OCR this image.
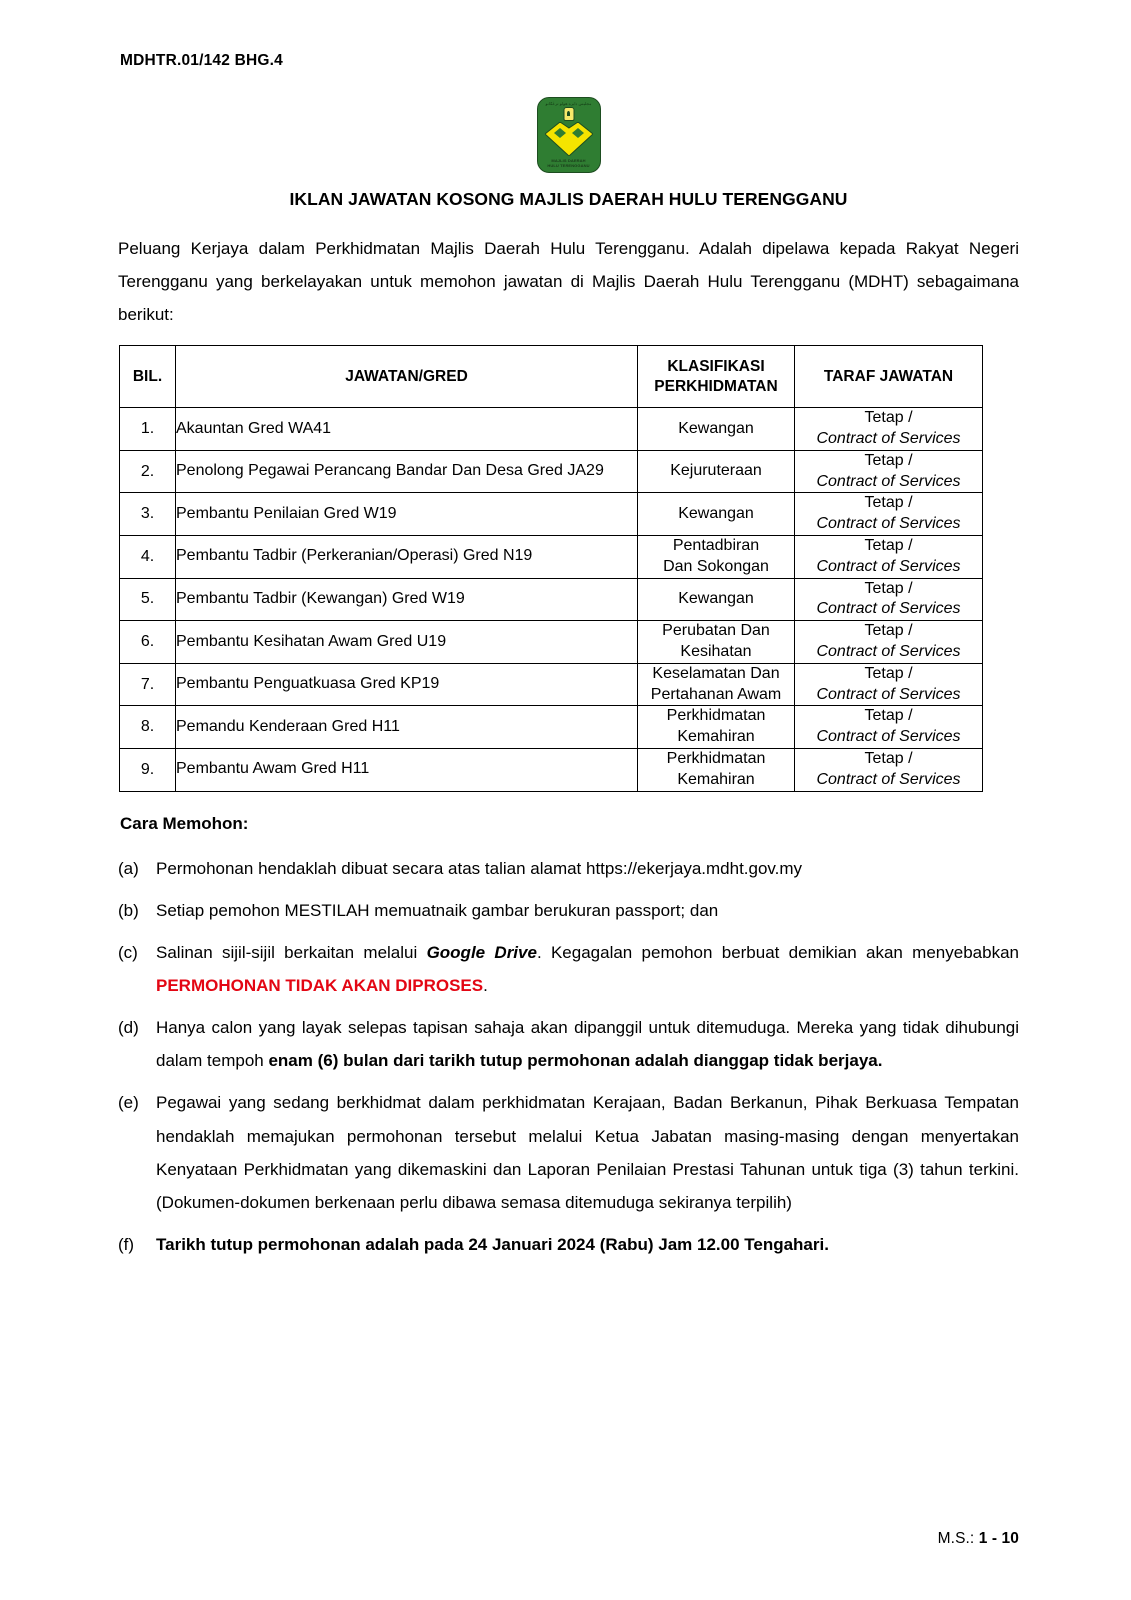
MDHTR.01/142 BHG.4
مجليس دايره هولو ترڠݢانو
MAJLIS DAERAH
HULU TERENGGANU
IKLAN JAWATAN KOSONG MAJLIS DAERAH HULU TERENGGANU

Peluang Kerjaya dalam Perkhidmatan Majlis Daerah Hulu Terengganu. Adalah dipelawa kepada Rakyat Negeri Terengganu yang berkelayakan untuk memohon jawatan di Majlis Daerah Hulu Terengganu (MDHT) sebagaimana berikut:

BIL.	JAWATAN/GRED	KLASIFIKASI
PERKHIDMATAN	TARAF JAWATAN
1.	Akauntan Gred WA41	Kewangan	Tetap /
Contract of Services
2.	Penolong Pegawai Perancang Bandar Dan Desa Gred JA29	Kejuruteraan	Tetap /
Contract of Services
3.	Pembantu Penilaian Gred W19	Kewangan	Tetap /
Contract of Services
4.	Pembantu Tadbir (Perkeranian/Operasi) Gred N19	Pentadbiran
Dan Sokongan	Tetap /
Contract of Services
5.	Pembantu Tadbir (Kewangan) Gred W19	Kewangan	Tetap /
Contract of Services
6.	Pembantu Kesihatan Awam Gred U19	Perubatan Dan
Kesihatan	Tetap /
Contract of Services
7.	Pembantu Penguatkuasa Gred KP19	Keselamatan Dan
Pertahanan Awam	Tetap /
Contract of Services
8.	Pemandu Kenderaan Gred H11	Perkhidmatan
Kemahiran	Tetap /
Contract of Services
9.	Pembantu Awam Gred H11	Perkhidmatan
Kemahiran	Tetap /
Contract of Services
Cara Memohon:
(a)	Permohonan hendaklah dibuat secara atas talian alamat https://ekerjaya.mdht.gov.my
(b)	Setiap pemohon MESTILAH memuatnaik gambar berukuran passport; dan
(c)	Salinan sijil-sijil berkaitan melalui Google Drive. Kegagalan pemohon berbuat demikian akan menyebabkan PERMOHONAN TIDAK AKAN DIPROSES.
(d)	Hanya calon yang layak selepas tapisan sahaja akan dipanggil untuk ditemuduga. Mereka yang tidak dihubungi dalam tempoh enam (6) bulan dari tarikh tutup permohonan adalah dianggap tidak berjaya.
(e)	Pegawai yang sedang berkhidmat dalam perkhidmatan Kerajaan, Badan Berkanun, Pihak Berkuasa Tempatan hendaklah memajukan permohonan tersebut melalui Ketua Jabatan masing-masing dengan menyertakan Kenyataan Perkhidmatan yang dikemaskini dan Laporan Penilaian Prestasi Tahunan untuk tiga (3) tahun terkini. (Dokumen-dokumen berkenaan perlu dibawa semasa ditemuduga sekiranya terpilih)
(f)	Tarikh tutup permohonan adalah pada 24 Januari 2024 (Rabu) Jam 12.00 Tengahari.
M.S.: 1 - 10
